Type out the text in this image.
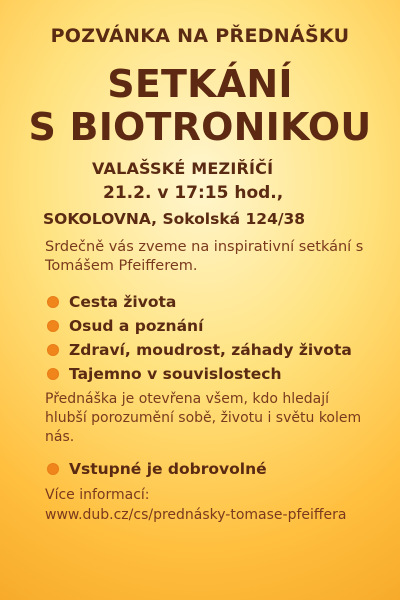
POZVÁNKA NA PŘEDNÁŠKU
SETKÁNÍ
S BIOTRONIKOU
VALAŠSKÉ MEZIŘÍČÍ
21.2. v 17:15 hod.,
SOKOLOVNA, Sokolská 124/38
Srdečně vás zveme na inspirativní setkání s Tomášem Pfeifferem.
Cesta života
Osud a poznání
Zdraví, moudrost, záhady života
Tajemno v souvislostech
Přednáška je otevřena všem, kdo hledají hlubší porozumění sobě, životu i světu kolem nás.
Vstupné je dobrovolné
Více informací:
www.dub.cz/cs/prednásky-tomase-pfeiffera
